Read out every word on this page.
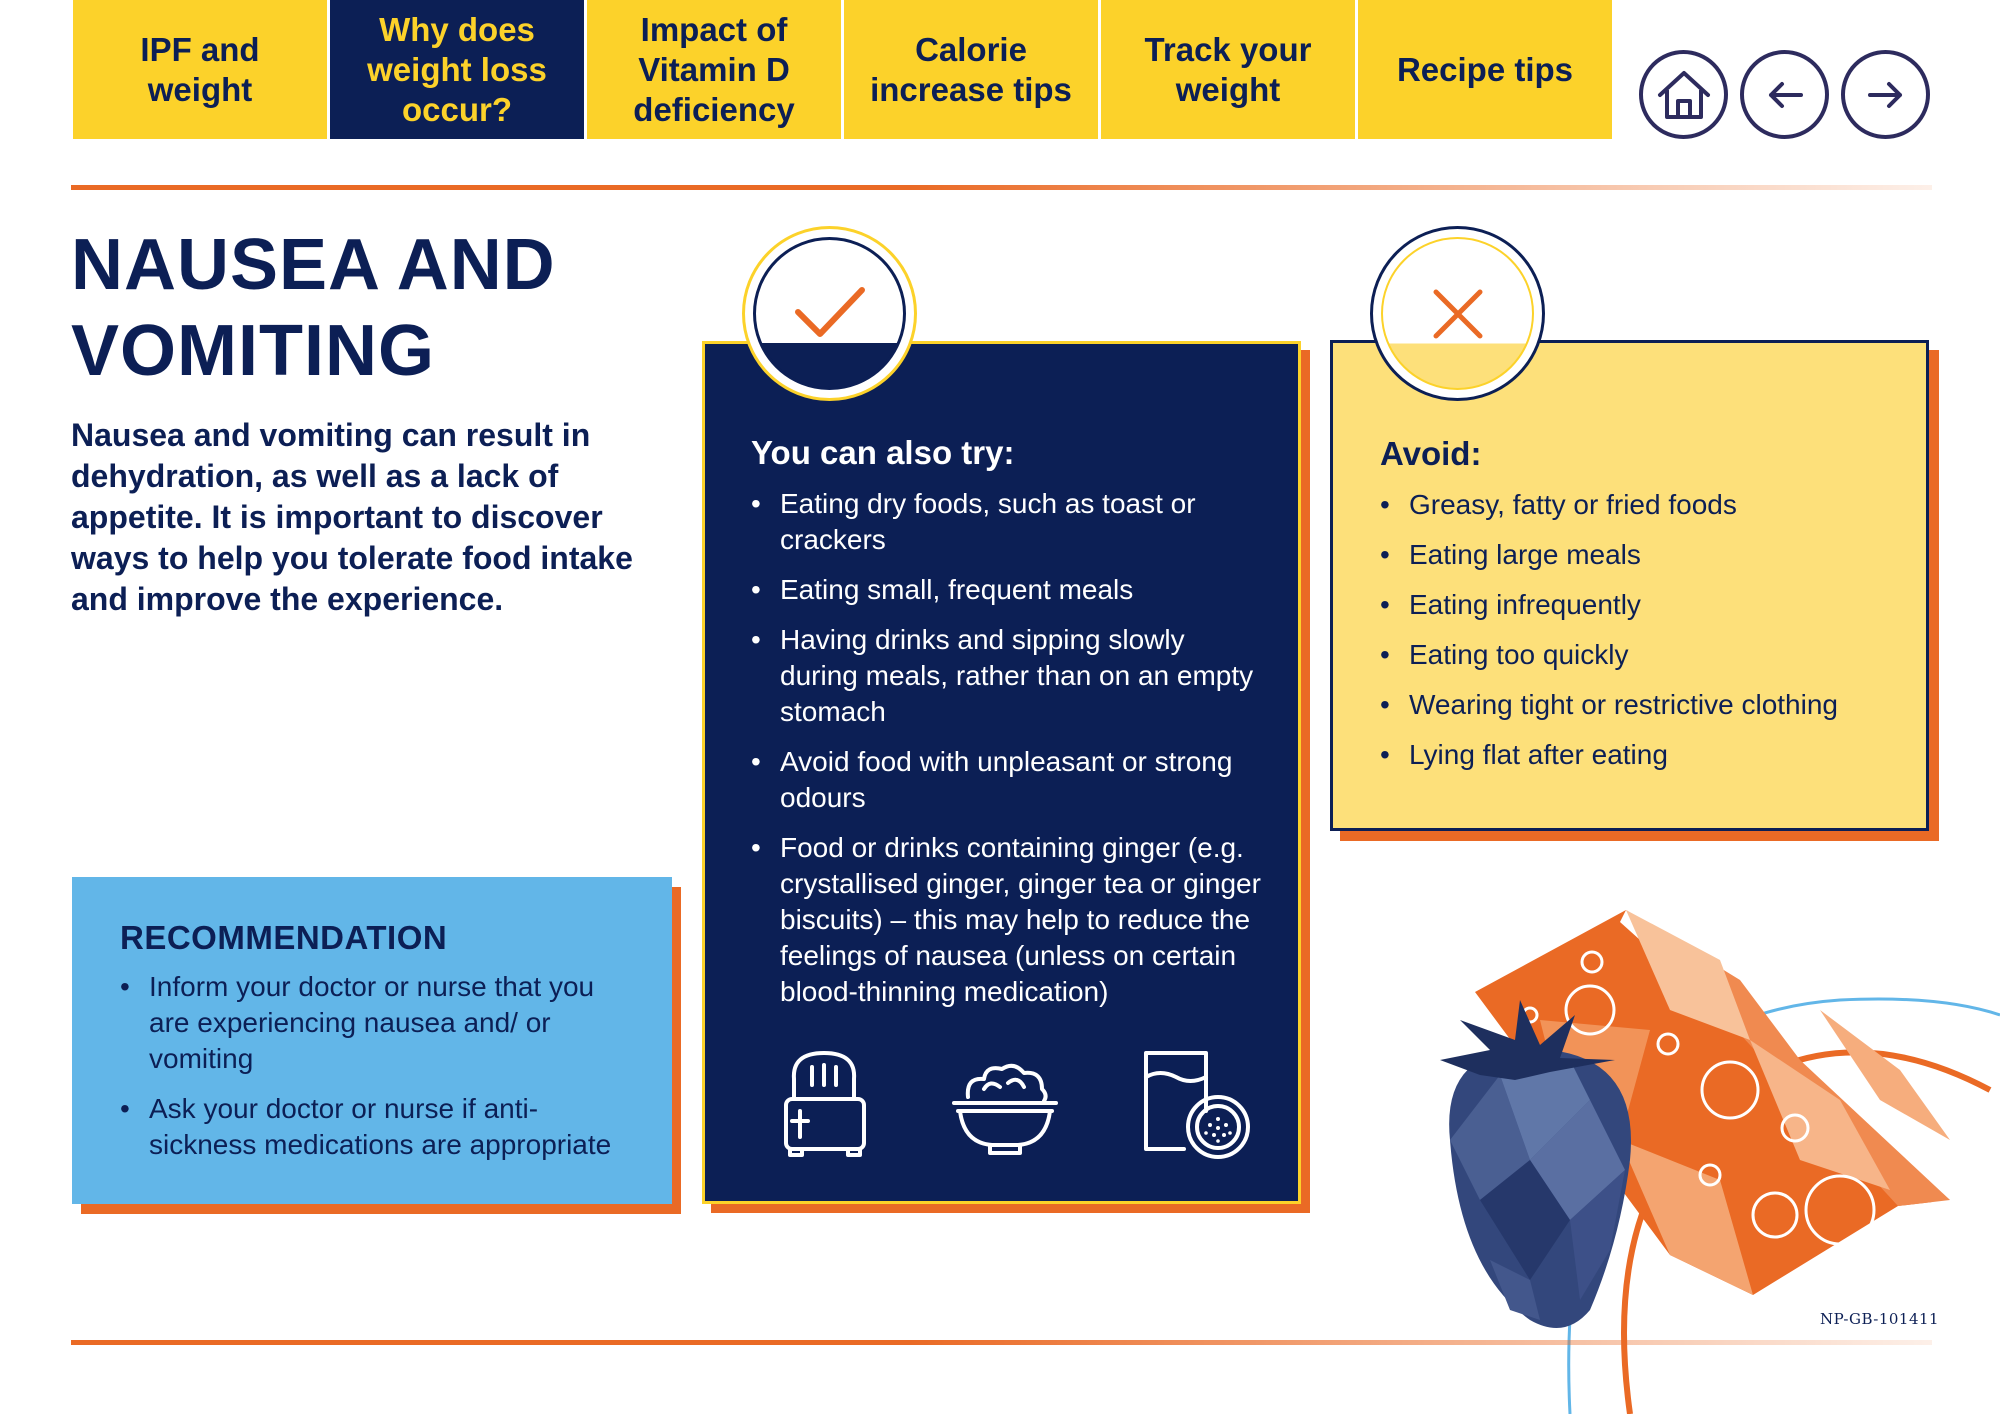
IPF and weight
Why does weight loss occur?
Impact of Vitamin D deficiency
Calorie increase tips
Track your weight
Recipe tips
NAUSEA AND
VOMITING

Nausea and vomiting can result in dehydration, as well as a lack of appetite. It is important to discover ways to help you tolerate food intake and improve the experience.

RECOMMENDATION
• Inform your doctor or nurse that you are experiencing nausea and/ or vomiting
• Ask your doctor or nurse if anti-sickness medications are appropriate
You can also try:
• Eating dry foods, such as toast or crackers
• Eating small, frequent meals
• Having drinks and sipping slowly during meals, rather than on an empty stomach
• Avoid food with unpleasant or strong odours
• Food or drinks containing ginger (e.g. crystallised ginger, ginger tea or ginger biscuits) – this may help to reduce the feelings of nausea (unless on certain blood-thinning medication)
Avoid:
• Greasy, fatty or fried foods
• Eating large meals
• Eating infrequently
• Eating too quickly
• Wearing tight or restrictive clothing
• Lying flat after eating
NP-GB-101411
